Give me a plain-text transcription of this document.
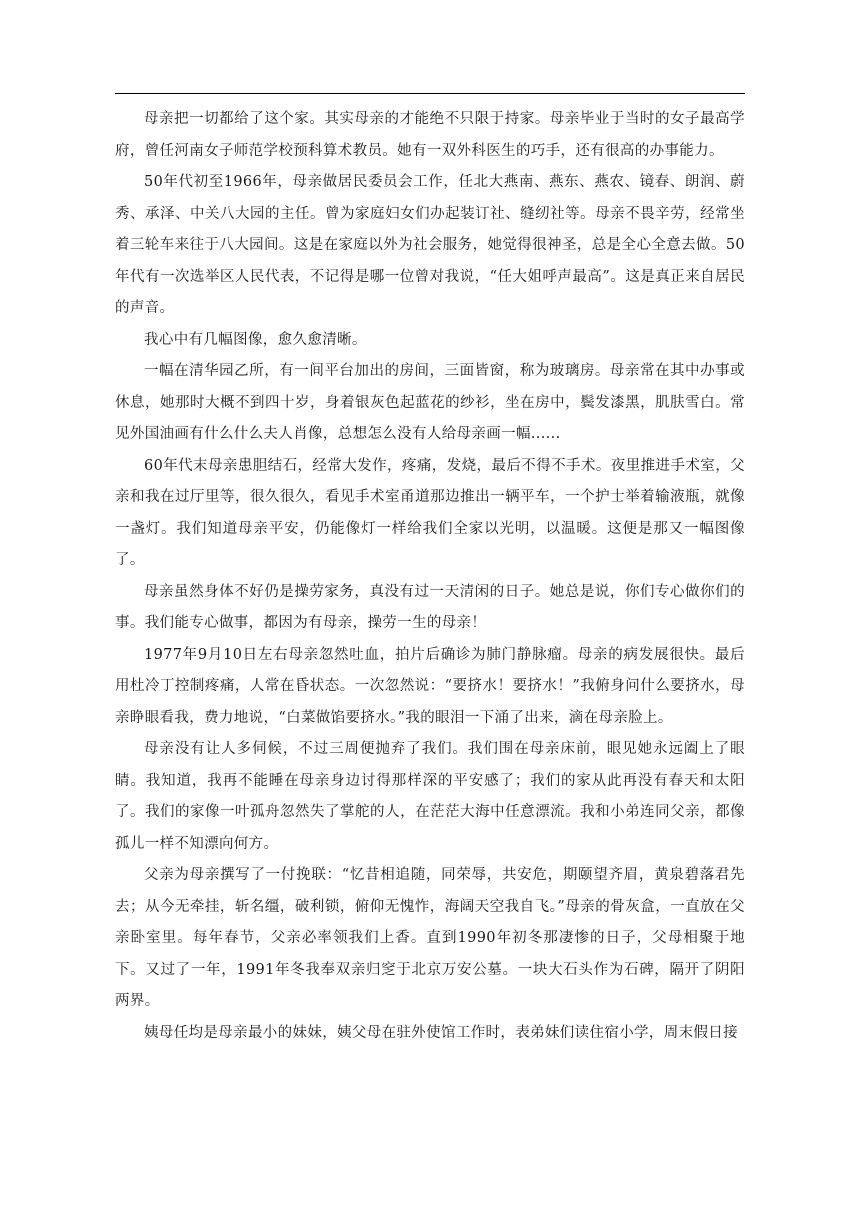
母亲把一切都给了这个家。其实母亲的才能绝不只限于持家。母亲毕业于当时的女子最高学府，曾任河南女子师范学校预科算术教员。她有一双外科医生的巧手，还有很高的办事能力。

50年代初至1966年，母亲做居民委员会工作，任北大燕南、燕东、燕农、镜春、朗润、蔚秀、承泽、中关八大园的主任。曾为家庭妇女们办起装订社、缝纫社等。母亲不畏辛劳，经常坐着三轮车来往于八大园间。这是在家庭以外为社会服务，她觉得很神圣，总是全心全意去做。50年代有一次选举区人民代表，不记得是哪一位曾对我说，“任大姐呼声最高”。这是真正来自居民的声音。

我心中有几幅图像，愈久愈清晰。

一幅在清华园乙所，有一间平台加出的房间，三面皆窗，称为玻璃房。母亲常在其中办事或休息，她那时大概不到四十岁，身着银灰色起蓝花的纱衫，坐在房中，鬓发漆黑，肌肤雪白。常见外国油画有什么什么夫人肖像，总想怎么没有人给母亲画一幅......

60年代末母亲患胆结石，经常大发作，疼痛，发烧，最后不得不手术。夜里推进手术室，父亲和我在过厅里等，很久很久，看见手术室甬道那边推出一辆平车，一个护士举着输液瓶，就像一盏灯。我们知道母亲平安，仍能像灯一样给我们全家以光明，以温暖。这便是那又一幅图像了。

母亲虽然身体不好仍是操劳家务，真没有过一天清闲的日子。她总是说，你们专心做你们的事。我们能专心做事，都因为有母亲，操劳一生的母亲！

1977年9月10日左右母亲忽然吐血，拍片后确诊为肺门静脉瘤。母亲的病发展很快。最后用杜冷丁控制疼痛，人常在昏状态。一次忽然说：“要挤水！要挤水！”我俯身问什么要挤水，母亲睁眼看我，费力地说，“白菜做馅要挤水。”我的眼泪一下涌了出来，滴在母亲脸上。

母亲没有让人多伺候，不过三周便抛弃了我们。我们围在母亲床前，眼见她永远阖上了眼睛。我知道，我再不能睡在母亲身边讨得那样深的平安感了；我们的家从此再没有春天和太阳了。我们的家像一叶孤舟忽然失了掌舵的人，在茫茫大海中任意漂流。我和小弟连同父亲，都像孤儿一样不知漂向何方。

父亲为母亲撰写了一付挽联：“忆昔相追随，同荣辱，共安危，期颐望齐眉，黄泉碧落君先去；从今无牵挂，斩名缰，破利锁，俯仰无愧怍，海阔天空我自飞。”母亲的骨灰盒，一直放在父亲卧室里。每年春节，父亲必率领我们上香。直到1990年初冬那凄惨的日子，父母相聚于地下。又过了一年，1991年冬我奉双亲归窆于北京万安公墓。一块大石头作为石碑，隔开了阴阳两界。

姨母任均是母亲最小的妹妹，姨父母在驻外使馆工作时，表弟妹们读住宿小学，周末假日接
